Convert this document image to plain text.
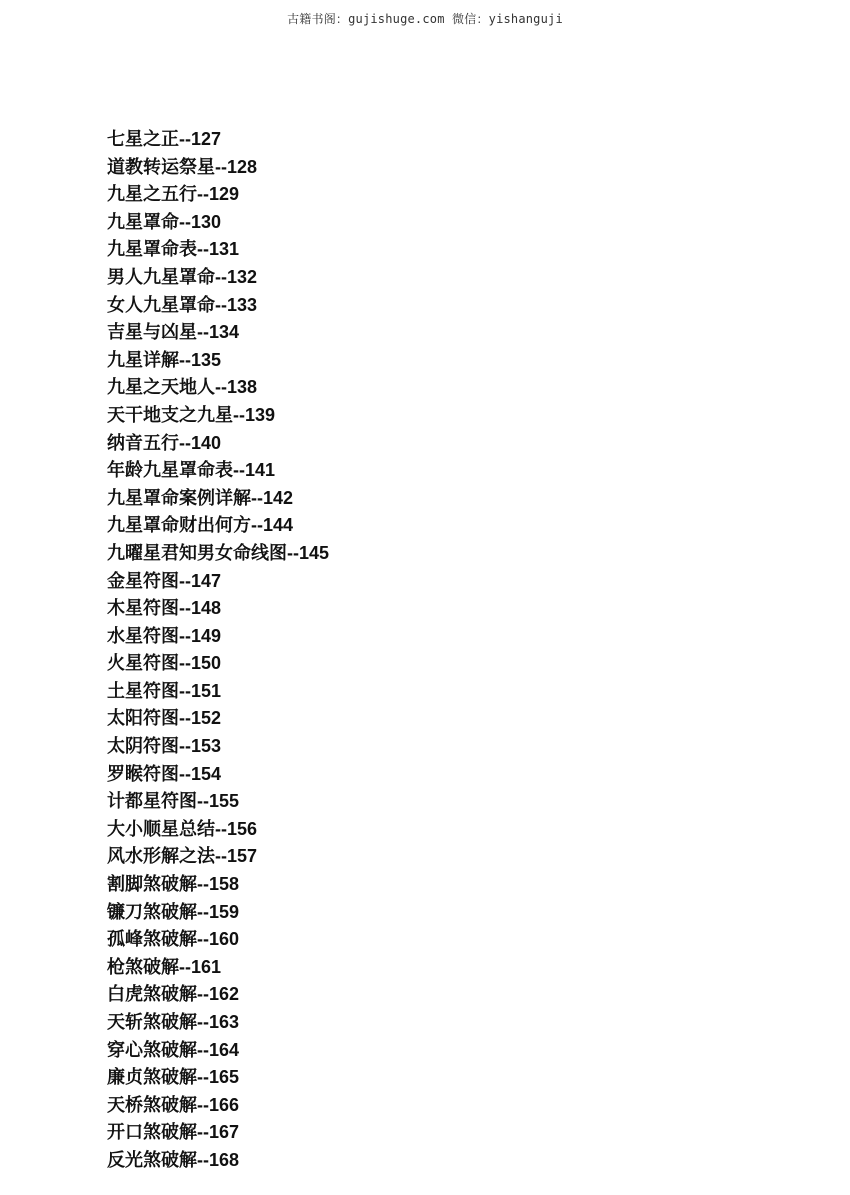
古籍书阁：gujishuge.com 微信：yishanguji
七星之正--127
道教转运祭星--128
九星之五行--129
九星罩命--130
九星罩命表--131
男人九星罩命--132
女人九星罩命--133
吉星与凶星--134
九星详解--135
九星之天地人--138
天干地支之九星--139
纳音五行--140
年龄九星罩命表--141
九星罩命案例详解--142
九星罩命财出何方--144
九曜星君知男女命线图--145
金星符图--147
木星符图--148
水星符图--149
火星符图--150
土星符图--151
太阳符图--152
太阴符图--153
罗睺符图--154
计都星符图--155
大小顺星总结--156
风水形解之法--157
割脚煞破解--158
镰刀煞破解--159
孤峰煞破解--160
枪煞破解--161
白虎煞破解--162
天斩煞破解--163
穿心煞破解--164
廉贞煞破解--165
天桥煞破解--166
开口煞破解--167
反光煞破解--168
